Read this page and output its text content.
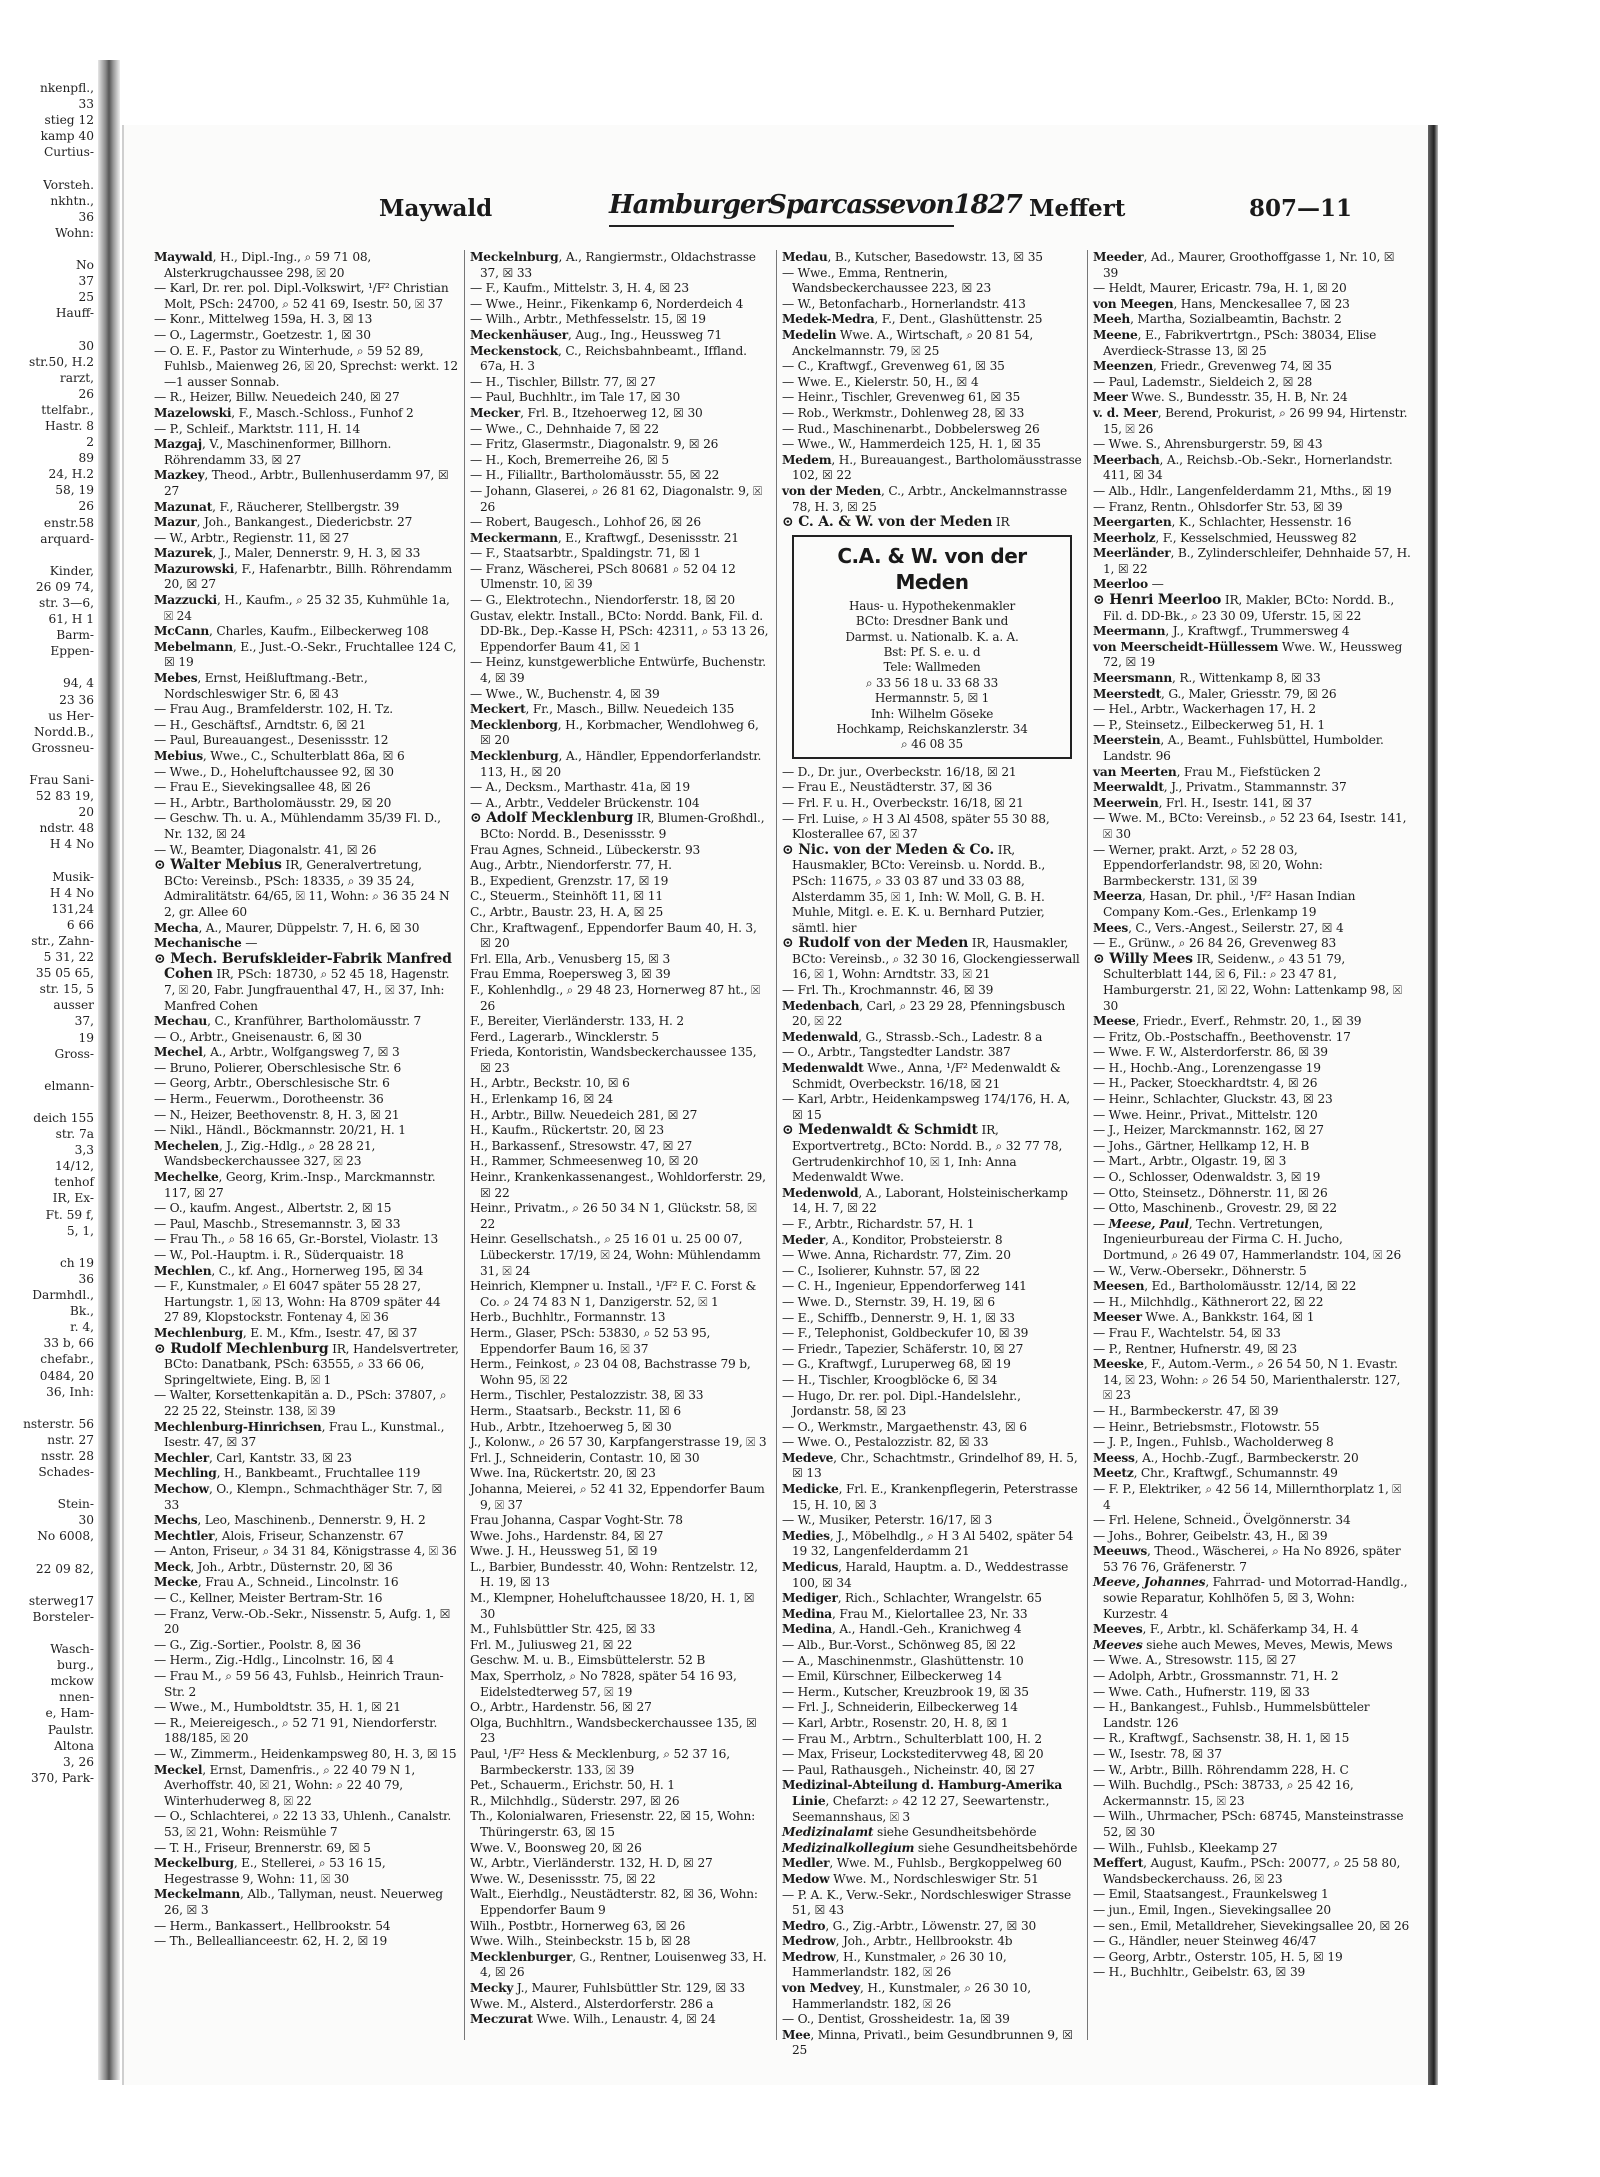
nkenpfl.,
33
stieg 12
kamp 40
Curtius-

Vorsteh.
nkhtn.,
36
Wohn:

No
37
25
Hauff-

30
str.50, H.2
rarzt,
26
ttelfabr.,
Hastr. 8
2
89
24, H.2
58, 19
26
enstr.58
arquard-

Kinder,
26 09 74,
str. 3—6,
61, H 1
Barm-
Eppen-

94, 4
23 36
us Her-
Nordd.B.,
Grossneu-

Frau Sani-
52 83 19,
20
ndstr. 48
H 4 No

Musik-
H 4 No
131,24
6 66
str., Zahn-
5 31, 22
35 05 65,
str. 15, 5
ausser
37,
19
Gross-

elmann-

deich 155
str. 7a
3,3
14/12,
tenhof
IR, Ex-
Ft. 59 f,
5, 1,

ch 19
36
Darmhdl.,
Bk.,
r. 4,
33 b, 66
chefabr.,
0484, 20
36, Inh:

nsterstr. 56
nstr. 27
nsstr. 28
Schades-

Stein-
30
No 6008,

22 09 82,

sterweg17
Borsteler-

Wasch-
burg.,
mckow
nnen-
e, Ham-
Paulstr.
Altona
3, 26
370, Park-
Maywald	HamburgerSparcassevon1827 Meffert	807—11
Maywald, H., Dipl.-Ing., ⌕ 59 71 08, Alsterkrugchaussee 298, ☒ 20
— Karl, Dr. rer. pol. Dipl.-Volkswirt, ¹/F² Christian Molt, PSch: 24700, ⌕ 52 41 69, Isestr. 50, ☒ 37
— Konr., Mittelweg 159a, H. 3, ☒ 13
— O., Lagermstr., Goetzestr. 1, ☒ 30
— O. E. F., Pastor zu Winterhude, ⌕ 59 52 89, Fuhlsb., Maienweg 26, ☒ 20, Sprechst: werkt. 12—1 ausser Sonnab.
— R., Heizer, Billw. Neuedeich 240, ☒ 27
Mazelowski, F., Masch.-Schloss., Funhof 2
— P., Schleif., Marktstr. 111, H. 14
Mazgaj, V., Maschinenformer, Billhorn. Röhrendamm 33, ☒ 27
Mazkey, Theod., Arbtr., Bullenhuserdamm 97, ☒ 27
Mazunat, F., Räucherer, Stellbergstr. 39
Mazur, Joh., Bankangest., Diedericbstr. 27
— W., Arbtr., Regienstr. 11, ☒ 27
Mazurek, J., Maler, Dennerstr. 9, H. 3, ☒ 33
Mazurowski, F., Hafenarbtr., Billh. Röhrendamm 20, ☒ 27
Mazzucki, H., Kaufm., ⌕ 25 32 35, Kuhmühle 1a, ☒ 24
McCann, Charles, Kaufm., Eilbeckerweg 108
Mebelmann, E., Just.-O.-Sekr., Fruchtallee 124 C, ☒ 19
Mebes, Ernst, Heißluftmang.-Betr., Nordschleswiger Str. 6, ☒ 43
— Frau Aug., Bramfelderstr. 102, H. Tz.
— H., Geschäftsf., Arndtstr. 6, ☒ 21
— Paul, Bureauangest., Desenissstr. 12
Mebius, Wwe., C., Schulterblatt 86a, ☒ 6
— Wwe., D., Hoheluftchaussee 92, ☒ 30
— Frau E., Sievekingsallee 48, ☒ 26
— H., Arbtr., Bartholomäusstr. 29, ☒ 20
— Geschw. Th. u. A., Mühlendamm 35/39 Fl. D., Nr. 132, ☒ 24
— W., Beamter, Diagonalstr. 41, ☒ 26
⊙ Walter Mebius IR, Generalvertretung, BCto: Vereinsb., PSch: 18335, ⌕ 39 35 24, Admiralitätstr. 64/65, ☒ 11, Wohn: ⌕ 36 35 24 N 2, gr. Allee 60
Mecha, A., Maurer, Düppelstr. 7, H. 6, ☒ 30
Mechanische —
⊙ Mech. Berufskleider-Fabrik Manfred Cohen IR, PSch: 18730, ⌕ 52 45 18, Hagenstr. 7, ☒ 20, Fabr. Jungfrauenthal 47, H., ☒ 37, Inh: Manfred Cohen
Mechau, C., Kranführer, Bartholomäusstr. 7
— O., Arbtr., Gneisenaustr. 6, ☒ 30
Mechel, A., Arbtr., Wolfgangsweg 7, ☒ 3
— Bruno, Polierer, Oberschlesische Str. 6
— Georg, Arbtr., Oberschlesische Str. 6
— Herm., Feuerwm., Dorotheenstr. 36
— N., Heizer, Beethovenstr. 8, H. 3, ☒ 21
— Nikl., Händl., Böckmannstr. 20/21, H. 1
Mechelen, J., Zig.-Hdlg., ⌕ 28 28 21, Wandsbeckerchaussee 327, ☒ 23
Mechelke, Georg, Krim.-Insp., Marckmannstr. 117, ☒ 27
— O., kaufm. Angest., Albertstr. 2, ☒ 15
— Paul, Maschb., Stresemannstr. 3, ☒ 33
— Frau Th., ⌕ 58 16 65, Gr.-Borstel, Violastr. 13
— W., Pol.-Hauptm. i. R., Süderquaistr. 18
Mechlen, C., kf. Ang., Hornerweg 195, ☒ 34
— F., Kunstmaler, ⌕ El 6047 später 55 28 27, Hartungstr. 1, ☒ 13, Wohn: Ha 8709 später 44 27 89, Klopstockstr. Fontenay 4, ☒ 36
Mechlenburg, E. M., Kfm., Isestr. 47, ☒ 37
⊙ Rudolf Mechlenburg IR, Handelsvertreter, BCto: Danatbank, PSch: 63555, ⌕ 33 66 06, Springeltwiete, Eing. B, ☒ 1
— Walter, Korsettenkapitän a. D., PSch: 37807, ⌕ 22 25 22, Steinstr. 138, ☒ 39
Mechlenburg-Hinrichsen, Frau L., Kunstmal., Isestr. 47, ☒ 37
Mechler, Carl, Kantstr. 33, ☒ 23
Mechling, H., Bankbeamt., Fruchtallee 119
Mechow, O., Klempn., Schmachthäger Str. 7, ☒ 33
Mechs, Leo, Maschinenb., Dennerstr. 9, H. 2
Mechtler, Alois, Friseur, Schanzenstr. 67
— Anton, Friseur, ⌕ 34 31 84, Königstrasse 4, ☒ 36
Meck, Joh., Arbtr., Düsternstr. 20, ☒ 36
Mecke, Frau A., Schneid., Lincolnstr. 16
— C., Kellner, Meister Bertram-Str. 16
— Franz, Verw.-Ob.-Sekr., Nissenstr. 5, Aufg. 1, ☒ 20
— G., Zig.-Sortier., Poolstr. 8, ☒ 36
— Herm., Zig.-Hdlg., Lincolnstr. 16, ☒ 4
— Frau M., ⌕ 59 56 43, Fuhlsb., Heinrich Traun-Str. 2
— Wwe., M., Humboldtstr. 35, H. 1, ☒ 21
— R., Meiereigesch., ⌕ 52 71 91, Niendorferstr. 188/185, ☒ 20
— W., Zimmerm., Heidenkampsweg 80, H. 3, ☒ 15
Meckel, Ernst, Damenfris., ⌕ 22 40 79 N 1, Averhoffstr. 40, ☒ 21, Wohn: ⌕ 22 40 79, Winterhuderweg 8, ☒ 22
— O., Schlachterei, ⌕ 22 13 33, Uhlenh., Canalstr. 53, ☒ 21, Wohn: Reismühle 7
— T. H., Friseur, Brennerstr. 69, ☒ 5
Meckelburg, E., Stellerei, ⌕ 53 16 15, Hegestrasse 9, Wohn: 11, ☒ 30
Meckelmann, Alb., Tallyman, neust. Neuerweg 26, ☒ 3
— Herm., Bankassert., Hellbrookstr. 54
— Th., Belleallianceestr. 62, H. 2, ☒ 19
Meckelnburg, A., Rangiermstr., Oldachstrasse 37, ☒ 33
— F., Kaufm., Mittelstr. 3, H. 4, ☒ 23
— Wwe., Heinr., Fikenkamp 6, Norderdeich 4
— Wilh., Arbtr., Methfesselstr. 15, ☒ 19
Meckenhäuser, Aug., Ing., Heussweg 71
Meckenstock, C., Reichsbahnbeamt., Iffland. 67a, H. 3
— H., Tischler, Billstr. 77, ☒ 27
— Paul, Buchhltr., im Tale 17, ☒ 30
Mecker, Frl. B., Itzehoerweg 12, ☒ 30
— Wwe., C., Dehnhaide 7, ☒ 22
— Fritz, Glasermstr., Diagonalstr. 9, ☒ 26
— H., Koch, Bremerreihe 26, ☒ 5
— H., Filialltr., Bartholomäusstr. 55, ☒ 22
— Johann, Glaserei, ⌕ 26 81 62, Diagonalstr. 9, ☒ 26
— Robert, Baugesch., Lohhof 26, ☒ 26
Meckermann, E., Kraftwgf., Desenissstr. 21
— F., Staatsarbtr., Spaldingstr. 71, ☒ 1
— Franz, Wäscherei, PSch 80681 ⌕ 52 04 12 Ulmenstr. 10, ☒ 39
— G., Elektrotechn., Niendorferstr. 18, ☒ 20
Gustav, elektr. Install., BCto: Nordd. Bank, Fil. d. DD-Bk., Dep.-Kasse H, PSch: 42311, ⌕ 53 13 26, Eppendorfer Baum 41, ☒ 1
— Heinz, kunstgewerbliche Entwürfe, Buchenstr. 4, ☒ 39
— Wwe., W., Buchenstr. 4, ☒ 39
Meckert, Fr., Masch., Billw. Neuedeich 135
Mecklenborg, H., Korbmacher, Wendlohweg 6, ☒ 20
Mecklenburg, A., Händler, Eppendorferlandstr. 113, H., ☒ 20
— A., Decksm., Marthastr. 41a, ☒ 19
— A., Arbtr., Veddeler Brückenstr. 104
⊙ Adolf Mecklenburg IR, Blumen-Großhdl., BCto: Nordd. B., Desenissstr. 9
Frau Agnes, Schneid., Lübeckerstr. 93
Aug., Arbtr., Niendorferstr. 77, H.
B., Expedient, Grenzstr. 17, ☒ 19
C., Steuerm., Steinhöft 11, ☒ 11
C., Arbtr., Baustr. 23, H. A, ☒ 25
Chr., Kraftwagenf., Eppendorfer Baum 40, H. 3, ☒ 20
Frl. Ella, Arb., Venusberg 15, ☒ 3
Frau Emma, Roepersweg 3, ☒ 39
F., Kohlenhdlg., ⌕ 29 48 23, Hornerweg 87 ht., ☒ 26
F., Bereiter, Vierländerstr. 133, H. 2
Ferd., Lagerarb., Wincklerstr. 5
Frieda, Kontoristin, Wandsbeckerchaussee 135, ☒ 23
H., Arbtr., Beckstr. 10, ☒ 6
H., Erlenkamp 16, ☒ 24
H., Arbtr., Billw. Neuedeich 281, ☒ 27
H., Kaufm., Rückertstr. 20, ☒ 23
H., Barkassenf., Stresowstr. 47, ☒ 27
H., Rammer, Schmeesenweg 10, ☒ 20
Heinr., Krankenkassenangest., Wohldorferstr. 29, ☒ 22
Heinr., Privatm., ⌕ 26 50 34 N 1, Glückstr. 58, ☒ 22
Heinr. Gesellschatsh., ⌕ 25 16 01 u. 25 00 07, Lübeckerstr. 17/19, ☒ 24, Wohn: Mühlendamm 31, ☒ 24
Heinrich, Klempner u. Install., ¹/F² F. C. Forst & Co. ⌕ 24 74 83 N 1, Danzigerstr. 52, ☒ 1
Herb., Buchhltr., Formannstr. 13
Herm., Glaser, PSch: 53830, ⌕ 52 53 95, Eppendorfer Baum 16, ☒ 37
Herm., Feinkost, ⌕ 23 04 08, Bachstrasse 79 b, Wohn 95, ☒ 22
Herm., Tischler, Pestalozzistr. 38, ☒ 33
Herm., Staatsarb., Beckstr. 11, ☒ 6
Hub., Arbtr., Itzehoerweg 5, ☒ 30
J., Kolonw., ⌕ 26 57 30, Karpfangerstrasse 19, ☒ 3
Frl. J., Schneiderin, Contastr. 10, ☒ 30
Wwe. Ina, Rückertstr. 20, ☒ 23
Johanna, Meierei, ⌕ 52 41 32, Eppendorfer Baum 9, ☒ 37
Frau Johanna, Caspar Voght-Str. 78
Wwe. Johs., Hardenstr. 84, ☒ 27
Wwe. J. H., Heussweg 51, ☒ 19
L., Barbier, Bundesstr. 40, Wohn: Rentzelstr. 12, H. 19, ☒ 13
M., Klempner, Hoheluftchaussee 18/20, H. 1, ☒ 30
M., Fuhlsbüttler Str. 425, ☒ 33
Frl. M., Juliusweg 21, ☒ 22
Geschw. M. u. B., Eimsbüttelerstr. 52 B
Max, Sperrholz, ⌕ No 7828, später 54 16 93, Eidelstedterweg 57, ☒ 19
O., Arbtr., Hardenstr. 56, ☒ 27
Olga, Buchhltrn., Wandsbeckerchaussee 135, ☒ 23
Paul, ¹/F² Hess & Mecklenburg, ⌕ 52 37 16, Barmbeckerstr. 133, ☒ 39
Pet., Schauerm., Erichstr. 50, H. 1
R., Milchhdlg., Süderstr. 297, ☒ 26
Th., Kolonialwaren, Friesenstr. 22, ☒ 15, Wohn: Thüringerstr. 63, ☒ 15
Wwe. V., Boonsweg 20, ☒ 26
W., Arbtr., Vierländerstr. 132, H. D, ☒ 27
Wwe. W., Desenissstr. 75, ☒ 22
Walt., Eierhdlg., Neustädterstr. 82, ☒ 36, Wohn: Eppendorfer Baum 9
Wilh., Postbtr., Hornerweg 63, ☒ 26
Wwe. Wilh., Steinbeckstr. 15 b, ☒ 28
Mecklenburger, G., Rentner, Louisenweg 33, H. 4, ☒ 26
Mecky J., Maurer, Fuhlsbüttler Str. 129, ☒ 33
Wwe. M., Alsterd., Alsterdorferstr. 286 a
Meczurat Wwe. Wilh., Lenaustr. 4, ☒ 24
Medau, B., Kutscher, Basedowstr. 13, ☒ 35
— Wwe., Emma, Rentnerin, Wandsbeckerchaussee 223, ☒ 23
— W., Betonfacharb., Hornerlandstr. 413
Medek-Medra, F., Dent., Glashüttenstr. 25
Medelin Wwe. A., Wirtschaft, ⌕ 20 81 54, Anckelmannstr. 79, ☒ 25
— C., Kraftwgf., Grevenweg 61, ☒ 35
— Wwe. E., Kielerstr. 50, H., ☒ 4
— Heinr., Tischler, Grevenweg 61, ☒ 35
— Rob., Werkmstr., Dohlenweg 28, ☒ 33
— Rud., Maschinenarbt., Dobbelersweg 26
— Wwe., W., Hammerdeich 125, H. 1, ☒ 35
Medem, H., Bureauangest., Bartholomäusstrasse 102, ☒ 22
von der Meden, C., Arbtr., Anckelmannstrasse 78, H. 3, ☒ 25
⊙ C. A. & W. von der Meden IR
C.A. & W. von der Meden
Haus- u. Hypothekenmakler
BCto: Dresdner Bank und
Darmst. u. Nationalb. K. a. A.
Bst: Pf. S. e. u. d
Tele: Wallmeden
⌕ 33 56 18 u. 33 68 33
Hermannstr. 5, ☒ 1
Inh: Wilhelm Göseke
Hochkamp, Reichskanzlerstr. 34
⌕ 46 08 35
— D., Dr. jur., Overbeckstr. 16/18, ☒ 21
— Frau E., Neustädterstr. 37, ☒ 36
— Frl. F. u. H., Overbeckstr. 16/18, ☒ 21
— Frl. Luise, ⌕ H 3 Al 4508, später 55 30 88, Klosterallee 67, ☒ 37
⊙ Nic. von der Meden & Co. IR, Hausmakler, BCto: Vereinsb. u. Nordd. B., PSch: 11675, ⌕ 33 03 87 und 33 03 88, Alsterdamm 35, ☒ 1, Inh: W. Moll, G. B. H. Muhle, Mitgl. e. E. K. u. Bernhard Putzier, sämtl. hier
⊙ Rudolf von der Meden IR, Hausmakler, BCto: Vereinsb., ⌕ 32 30 16, Glockengiesserwall 16, ☒ 1, Wohn: Arndtstr. 33, ☒ 21
— Frl. Th., Krochmannstr. 46, ☒ 39
Medenbach, Carl, ⌕ 23 29 28, Pfenningsbusch 20, ☒ 22
Medenwald, G., Strassb.-Sch., Ladestr. 8 a
— O., Arbtr., Tangstedter Landstr. 387
Medenwaldt Wwe., Anna, ¹/F² Medenwaldt & Schmidt, Overbeckstr. 16/18, ☒ 21
— Karl, Arbtr., Heidenkampsweg 174/176, H. A, ☒ 15
⊙ Medenwaldt & Schmidt IR, Exportvertretg., BCto: Nordd. B., ⌕ 32 77 78, Gertrudenkirchhof 10, ☒ 1, Inh: Anna Medenwaldt Wwe.
Medenwold, A., Laborant, Holsteinischerkamp 14, H. 7, ☒ 22
— F., Arbtr., Richardstr. 57, H. 1
Meder, A., Konditor, Probsteierstr. 8
— Wwe. Anna, Richardstr. 77, Zim. 20
— C., Isolierer, Kuhnstr. 57, ☒ 22
— C. H., Ingenieur, Eppendorferweg 141
— Wwe. D., Sternstr. 39, H. 19, ☒ 6
— E., Schiffb., Dennerstr. 9, H. 1, ☒ 33
— F., Telephonist, Goldbeckufer 10, ☒ 39
— Friedr., Tapezier, Schäferstr. 10, ☒ 27
— G., Kraftwgf., Luruperweg 68, ☒ 19
— H., Tischler, Kroogblöcke 6, ☒ 34
— Hugo, Dr. rer. pol. Dipl.-Handelslehr., Jordanstr. 58, ☒ 23
— O., Werkmstr., Margaethenstr. 43, ☒ 6
— Wwe. O., Pestalozzistr. 82, ☒ 33
Medeve, Chr., Schachtmstr., Grindelhof 89, H. 5, ☒ 13
Medicke, Frl. E., Krankenpflegerin, Peterstrasse 15, H. 10, ☒ 3
— W., Musiker, Peterstr. 16/17, ☒ 3
Medies, J., Möbelhdlg., ⌕ H 3 Al 5402, später 54 19 32, Langenfelderdamm 21
Medicus, Harald, Hauptm. a. D., Weddestrasse 100, ☒ 34
Mediger, Rich., Schlachter, Wrangelstr. 65
Medina, Frau M., Kielortallee 23, Nr. 33
Medina, A., Handl.-Geh., Kranichweg 4
— Alb., Bur.-Vorst., Schönweg 85, ☒ 22
— A., Maschinenmstr., Glashüttenstr. 10
— Emil, Kürschner, Eilbeckerweg 14
— Herm., Kutscher, Kreuzbrook 19, ☒ 35
— Frl. J., Schneiderin, Eilbeckerweg 14
— Karl, Arbtr., Rosenstr. 20, H. 8, ☒ 1
— Frau M., Arbtrn., Schulterblatt 100, H. 2
— Max, Friseur, Locksteditervweg 48, ☒ 20
— Paul, Rathausgeh., Nicheinstr. 40, ☒ 27
Medizinal-Abteilung d. Hamburg-Amerika Linie, Chefarzt: ⌕ 42 12 27, Seewartenstr., Seemannshaus, ☒ 3
Medizinalamt siehe Gesundheitsbehörde
Medizinalkollegium siehe Gesundheitsbehörde
Medler, Wwe. M., Fuhlsb., Bergkoppelweg 60
Medow Wwe. M., Nordschleswiger Str. 51
— P. A. K., Verw.-Sekr., Nordschleswiger Strasse 51, ☒ 43
Medro, G., Zig.-Arbtr., Löwenstr. 27, ☒ 30
Medrow, Joh., Arbtr., Hellbrookstr. 4b
Medrow, H., Kunstmaler, ⌕ 26 30 10, Hammerlandstr. 182, ☒ 26
von Medvey, H., Kunstmaler, ⌕ 26 30 10, Hammerlandstr. 182, ☒ 26
— O., Dentist, Grossheidestr. 1a, ☒ 39
Mee, Minna, Privatl., beim Gesundbrunnen 9, ☒ 25
Meeder, Ad., Maurer, Groothoffgasse 1, Nr. 10, ☒ 39
— Heldt, Maurer, Ericastr. 79a, H. 1, ☒ 20
von Meegen, Hans, Menckesallee 7, ☒ 23
Meeh, Martha, Sozialbeamtin, Bachstr. 2
Meene, E., Fabrikvertrtgn., PSch: 38034, Elise Averdieck-Strasse 13, ☒ 25
Meenzen, Friedr., Grevenweg 74, ☒ 35
— Paul, Lademstr., Sieldeich 2, ☒ 28
Meer Wwe. S., Bundesstr. 35, H. B, Nr. 24
v. d. Meer, Berend, Prokurist, ⌕ 26 99 94, Hirtenstr. 15, ☒ 26
— Wwe. S., Ahrensburgerstr. 59, ☒ 43
Meerbach, A., Reichsb.-Ob.-Sekr., Hornerlandstr. 411, ☒ 34
— Alb., Hdlr., Langenfelderdamm 21, Mths., ☒ 19
— Franz, Rentn., Ohlsdorfer Str. 53, ☒ 39
Meergarten, K., Schlachter, Hessenstr. 16
Meerholz, F., Kesselschmied, Heussweg 82
Meerländer, B., Zylinderschleifer, Dehnhaide 57, H. 1, ☒ 22
Meerloo —
⊙ Henri Meerloo IR, Makler, BCto: Nordd. B., Fil. d. DD-Bk., ⌕ 23 30 09, Uferstr. 15, ☒ 22
Meermann, J., Kraftwgf., Trummersweg 4
von Meerscheidt-Hüllessem Wwe. W., Heussweg 72, ☒ 19
Meersmann, R., Wittenkamp 8, ☒ 33
Meerstedt, G., Maler, Griesstr. 79, ☒ 26
— Hel., Arbtr., Wackerhagen 17, H. 2
— P., Steinsetz., Eilbeckerweg 51, H. 1
Meerstein, A., Beamt., Fuhlsbüttel, Humbolder. Landstr. 96
van Meerten, Frau M., Fiefstücken 2
Meerwaldt, J., Privatm., Stammannstr. 37
Meerwein, Frl. H., Isestr. 141, ☒ 37
— Wwe. M., BCto: Vereinsb., ⌕ 52 23 64, Isestr. 141, ☒ 30
— Werner, prakt. Arzt, ⌕ 52 28 03, Eppendorferlandstr. 98, ☒ 20, Wohn: Barmbeckerstr. 131, ☒ 39
Meerza, Hasan, Dr. phil., ¹/F² Hasan Indian Company Kom.-Ges., Erlenkamp 19
Mees, C., Vers.-Angest., Seilerstr. 27, ☒ 4
— E., Grünw., ⌕ 26 84 26, Grevenweg 83
⊙ Willy Mees IR, Seidenw., ⌕ 43 51 79, Schulterblatt 144, ☒ 6, Fil.: ⌕ 23 47 81, Hamburgerstr. 21, ☒ 22, Wohn: Lattenkamp 98, ☒ 30
Meese, Friedr., Everf., Rehmstr. 20, 1., ☒ 39
— Fritz, Ob.-Postschaffn., Beethovenstr. 17
— Wwe. F. W., Alsterdorferstr. 86, ☒ 39
— H., Hochb.-Ang., Lorenzengasse 19
— H., Packer, Stoeckhardtstr. 4, ☒ 26
— Heinr., Schlachter, Gluckstr. 43, ☒ 23
— Wwe. Heinr., Privat., Mittelstr. 120
— J., Heizer, Marckmannstr. 162, ☒ 27
— Johs., Gärtner, Hellkamp 12, H. B
— Mart., Arbtr., Olgastr. 19, ☒ 3
— O., Schlosser, Odenwaldstr. 3, ☒ 19
— Otto, Steinsetz., Döhnerstr. 11, ☒ 26
— Otto, Maschinenb., Grovestr. 29, ☒ 22
— Meese, Paul, Techn. Vertretungen, Ingenieurbureau der Firma C. H. Jucho, Dortmund, ⌕ 26 49 07, Hammerlandstr. 104, ☒ 26
— W., Verw.-Obersekr., Döhnerstr. 5
Meesen, Ed., Bartholomäusstr. 12/14, ☒ 22
— H., Milchhdlg., Käthnerort 22, ☒ 22
Meeser Wwe. A., Bankkstr. 164, ☒ 1
— Frau F., Wachtelstr. 54, ☒ 33
— P., Rentner, Hufnerstr. 49, ☒ 23
Meeske, F., Autom.-Verm., ⌕ 26 54 50, N 1. Evastr. 14, ☒ 23, Wohn: ⌕ 26 54 50, Marienthalerstr. 127, ☒ 23
— H., Barmbeckerstr. 47, ☒ 39
— Heinr., Betriebsmstr., Flotowstr. 55
— J. P., Ingen., Fuhlsb., Wacholderweg 8
Meess, A., Hochb.-Zugf., Barmbeckerstr. 20
Meetz, Chr., Kraftwgf., Schumannstr. 49
— F. P., Elektriker, ⌕ 42 56 14, Millernthorplatz 1, ☒ 4
— Frl. Helene, Schneid., Övelgönnerstr. 34
— Johs., Bohrer, Geibelstr. 43, H., ☒ 39
Meeuws, Theod., Wäscherei, ⌕ Ha No 8926, später 53 76 76, Gräfenerstr. 7
Meeve, Johannes, Fahrrad- und Motorrad-Handlg., sowie Reparatur, Kohlhöfen 5, ☒ 3, Wohn: Kurzestr. 4
Meeves, F., Arbtr., kl. Schäferkamp 34, H. 4
Meeves siehe auch Mewes, Meves, Mewis, Mews
— Wwe. A., Stresowstr. 115, ☒ 27
— Adolph, Arbtr., Grossmannstr. 71, H. 2
— Wwe. Cath., Hufnerstr. 119, ☒ 33
— H., Bankangest., Fuhlsb., Hummelsbütteler Landstr. 126
— R., Kraftwgf., Sachsenstr. 38, H. 1, ☒ 15
— W., Isestr. 78, ☒ 37
— W., Arbtr., Billh. Röhrendamm 228, H. C
— Wilh. Buchdlg., PSch: 38733, ⌕ 25 42 16, Ackermannstr. 15, ☒ 23
— Wilh., Uhrmacher, PSch: 68745, Mansteinstrasse 52, ☒ 30
— Wilh., Fuhlsb., Kleekamp 27
Meffert, August, Kaufm., PSch: 20077, ⌕ 25 58 80, Wandsbeckerchauss. 26, ☒ 23
— Emil, Staatsangest., Fraunkelsweg 1
— jun., Emil, Ingen., Sievekingsallee 20
— sen., Emil, Metalldreher, Sievekingsallee 20, ☒ 26
— G., Händler, neuer Steinweg 46/47
— Georg, Arbtr., Osterstr. 105, H. 5, ☒ 19
— H., Buchhltr., Geibelstr. 63, ☒ 39
